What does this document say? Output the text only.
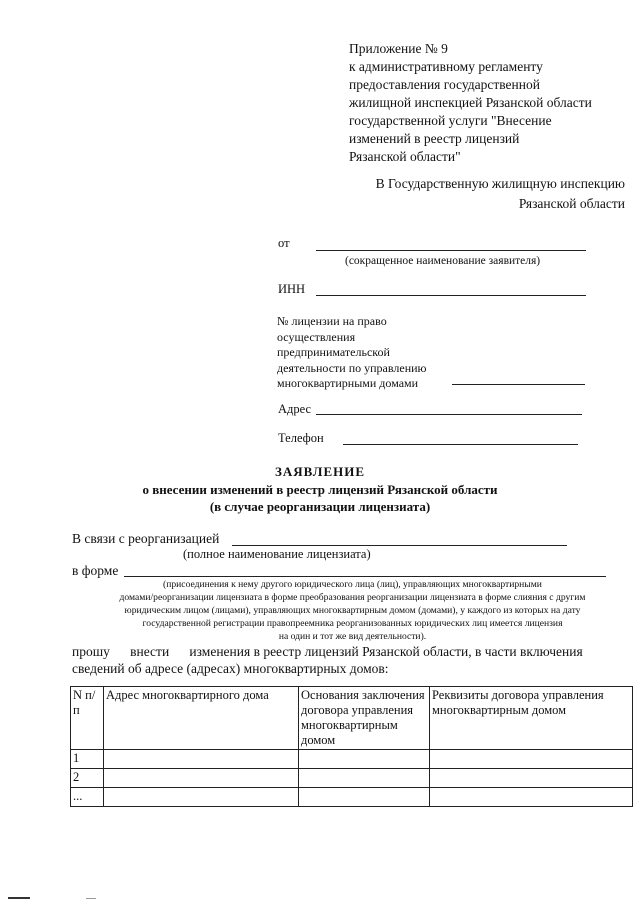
Приложение № 9
к административному регламенту
предоставления государственной
жилищной инспекцией Рязанской области
государственной услуги "Внесение
изменений в реестр лицензий
Рязанской области"
В Государственную жилищную инспекцию
Рязанской области
от
(сокращенное наименование заявителя)
ИНН
№ лицензии на право
осуществления
предпринимательской
деятельности по управлению
многоквартирными домами
Адрес
Телефон
ЗАЯВЛЕНИЕ
о внесении изменений в реестр лицензий Рязанской области
(в случае реорганизации лицензиата)
В связи с реорганизацией
(полное наименование лицензиата)
в форме
(присоединения к нему другого юридического лица (лиц), управляющих многоквартирными
домами/реорганизации лицензиата в форме преобразования реорганизации лицензиата в форме слияния с другим
юридическим лицом (лицами), управляющих многоквартирным домом (домами), у каждого из которых на дату
государственной регистрации правопреемника реорганизованных юридических лиц имеется лицензия
на один и тот же вид деятельности).
прошу      внести      изменения в реестр лицензий Рязанской области, в части включения
сведений об адресе (адресах) многоквартирных домов:
N п/п	Адрес многоквартирного дома	Основания заключения договора управления многоквартирным домом	Реквизиты договора управления многоквартирным домом
1			
2			
...			
